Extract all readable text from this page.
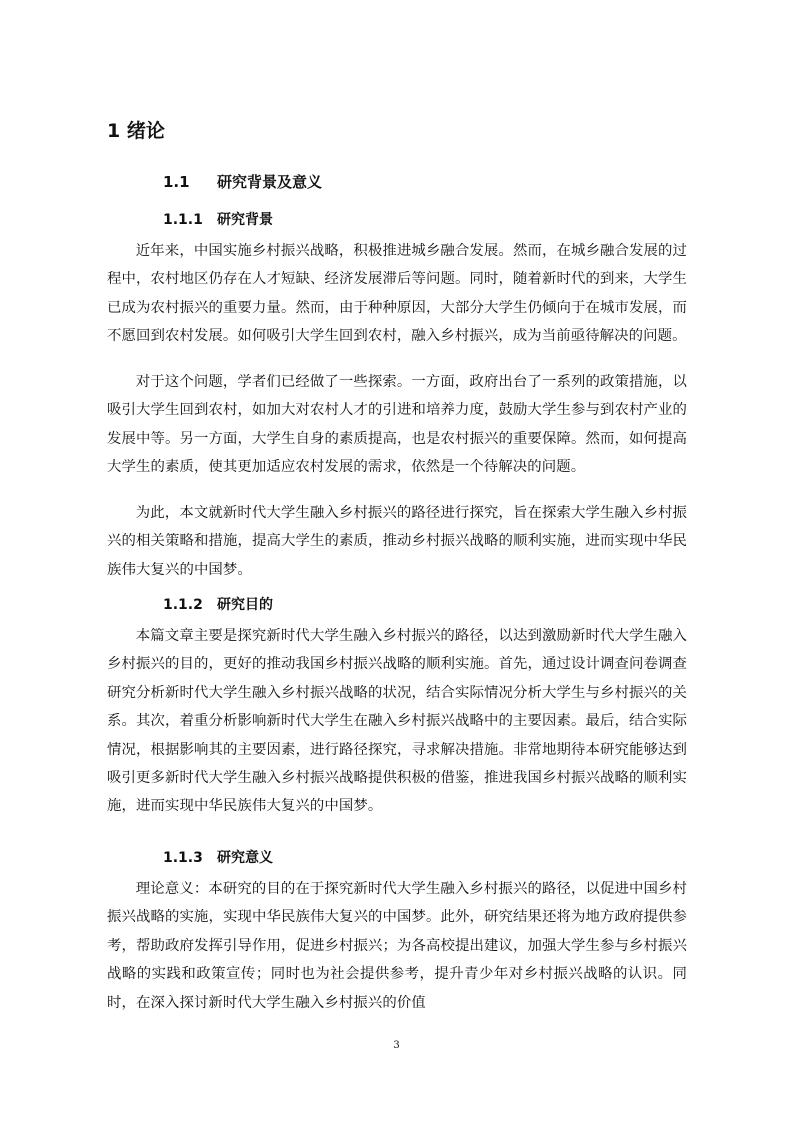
1 绪论
1.1 研究背景及意义
1.1.1 研究背景

近年来，中国实施乡村振兴战略，积极推进城乡融合发展。然而，在城乡融合发展的过程中，农村地区仍存在人才短缺、经济发展滞后等问题。同时，随着新时代的到来，大学生已成为农村振兴的重要力量。然而，由于种种原因，大部分大学生仍倾向于在城市发展，而不愿回到农村发展。如何吸引大学生回到农村，融入乡村振兴，成为当前亟待解决的问题。

对于这个问题，学者们已经做了一些探索。一方面，政府出台了一系列的政策措施，以吸引大学生回到农村，如加大对农村人才的引进和培养力度，鼓励大学生参与到农村产业的发展中等。另一方面，大学生自身的素质提高，也是农村振兴的重要保障。然而，如何提高大学生的素质，使其更加适应农村发展的需求，依然是一个待解决的问题。

为此，本文就新时代大学生融入乡村振兴的路径进行探究，旨在探索大学生融入乡村振兴的相关策略和措施，提高大学生的素质，推动乡村振兴战略的顺利实施，进而实现中华民族伟大复兴的中国梦。

1.1.2 研究目的

本篇文章主要是探究新时代大学生融入乡村振兴的路径，以达到激励新时代大学生融入乡村振兴的目的，更好的推动我国乡村振兴战略的顺利实施。首先，通过设计调查问卷调查研究分析新时代大学生融入乡村振兴战略的状况，结合实际情况分析大学生与乡村振兴的关系。其次，着重分析影响新时代大学生在融入乡村振兴战略中的主要因素。最后，结合实际情况，根据影响其的主要因素，进行路径探究，寻求解决措施。非常地期待本研究能够达到吸引更多新时代大学生融入乡村振兴战略提供积极的借鉴，推进我国乡村振兴战略的顺利实施，进而实现中华民族伟大复兴的中国梦。

1.1.3 研究意义

理论意义：本研究的目的在于探究新时代大学生融入乡村振兴的路径，以促进中国乡村振兴战略的实施，实现中华民族伟大复兴的中国梦。此外，研究结果还将为地方政府提供参考，帮助政府发挥引导作用，促进乡村振兴；为各高校提出建议，加强大学生参与乡村振兴战略的实践和政策宣传；同时也为社会提供参考，提升青少年对乡村振兴战略的认识。同时，在深入探讨新时代大学生融入乡村振兴的价值

3
